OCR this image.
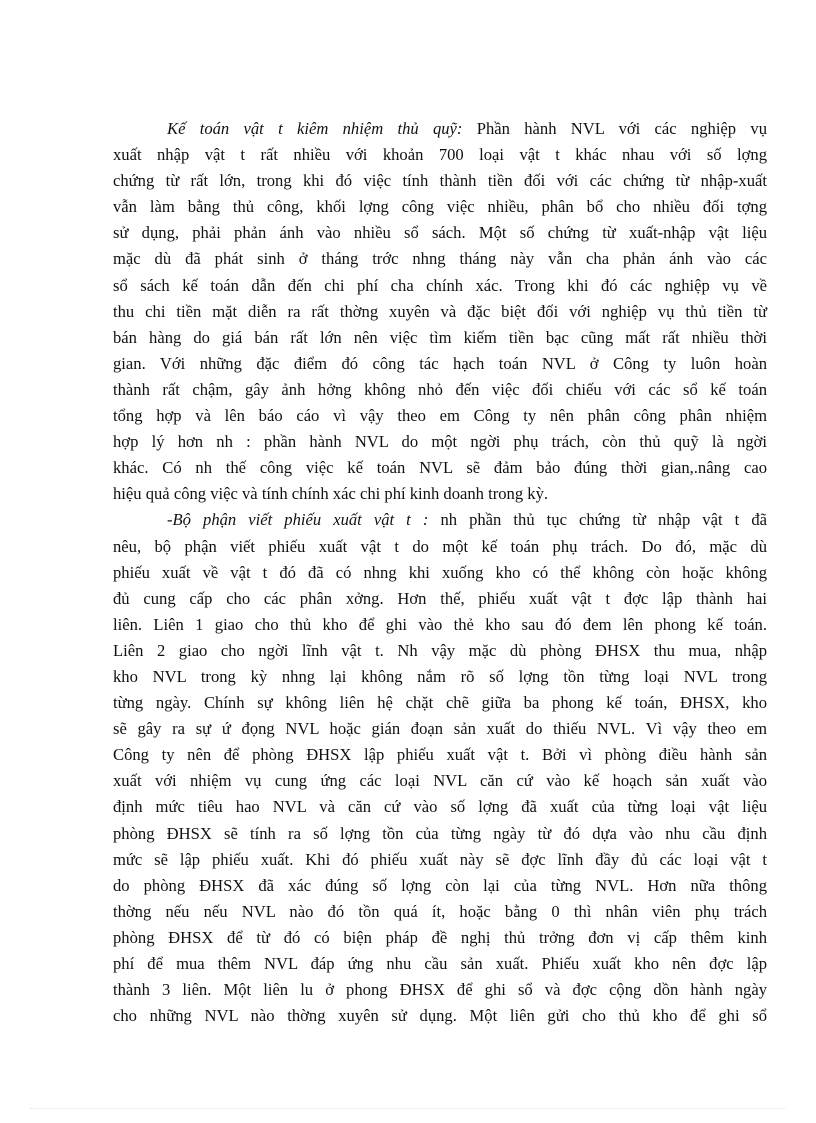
Kế toán vật t kiêm nhiệm thủ quỹ: Phần hành NVL với các nghiệp vụ
xuất nhập vật t rất nhiều với khoản 700 loại vật t khác nhau với số lợng
chứng từ rất lớn, trong khi đó việc tính thành tiền đối với các chứng từ nhập-xuất
vẫn làm bằng thủ công, khối lợng công việc nhiều, phân bổ cho nhiều đối tợng
sử dụng, phải phản ánh vào nhiều sổ sách. Một số chứng từ xuất-nhập vật liệu
mặc dù đã phát sinh ở tháng trớc nhng tháng này vẫn cha phản ánh vào các
sổ sách kế toán dẫn đến chi phí cha chính xác. Trong khi đó các nghiệp vụ về
thu chi tiền mặt diễn ra rất thờng xuyên và đặc biệt đối với nghiệp vụ thủ tiền từ
bán hàng do giá bán rất lớn nên việc tìm kiếm tiền bạc cũng mất rất nhiều thời
gian. Với những đặc điểm đó công tác hạch toán NVL ở Công ty luôn hoàn
thành rất chậm, gây ảnh hởng không nhỏ đến việc đối chiếu với các sổ kế toán
tổng hợp và lên báo cáo vì vậy theo em Công ty nên phân công phân nhiệm
hợp lý hơn nh : phần hành NVL do một ngời phụ trách, còn thủ quỹ là ngời
khác. Có nh thế công việc kế toán NVL sẽ đảm bảo đúng thời gian,.nâng cao
hiệu quả công việc và tính chính xác chi phí kinh doanh trong kỳ.
-Bộ phận viết phiếu xuất vật t : nh phần thủ tục chứng từ nhập vật t đã
nêu, bộ phận viết phiếu xuất vật t do một kế toán phụ trách. Do đó, mặc dù
phiếu xuất về vật t đó đã có nhng khi xuống kho có thể không còn hoặc không
đủ cung cấp cho các phân xởng. Hơn thế, phiếu xuất vật t đợc lập thành hai
liên. Liên 1 giao cho thủ kho để ghi vào thẻ kho sau đó đem lên phong kế toán.
Liên 2 giao cho ngời lĩnh vật t. Nh vậy mặc dù phòng ĐHSX thu mua, nhập
kho NVL trong kỳ nhng lại không nắm rõ số lợng tồn từng loại NVL trong
từng ngày. Chính sự không liên hệ chặt chẽ giữa ba phong kế toán, ĐHSX, kho
sẽ gây ra sự ứ đọng NVL hoặc gián đoạn sản xuất do thiếu NVL. Vì vậy theo em
Công ty nên để phòng ĐHSX lập phiếu xuất vật t. Bởi vì phòng điều hành sản
xuất với nhiệm vụ cung ứng các loại NVL căn cứ vào kế hoạch sản xuất vào
định mức tiêu hao NVL và căn cứ vào số lợng đã xuất của từng loại vật liệu
phòng ĐHSX sẽ tính ra số lợng tồn của từng ngày từ đó dựa vào nhu cầu định
mức sẽ lập phiếu xuất. Khi đó phiếu xuất này sẽ đợc lĩnh đầy đủ các loại vật t
do phòng ĐHSX đã xác đúng số lợng còn lại của từng NVL. Hơn nữa thông
thờng nếu nếu NVL nào đó tồn quá ít, hoặc bằng 0 thì nhân viên phụ trách
phòng ĐHSX để từ đó có biện pháp đề nghị thủ trởng đơn vị cấp thêm kinh
phí để mua thêm NVL đáp ứng nhu cầu sản xuất. Phiếu xuất kho nên đợc lập
thành 3 liên. Một liên lu ở phong ĐHSX để ghi sổ và đợc cộng dồn hành ngày
cho những NVL nào thờng xuyên sử dụng. Một liên gửi cho thủ kho để ghi sổ
